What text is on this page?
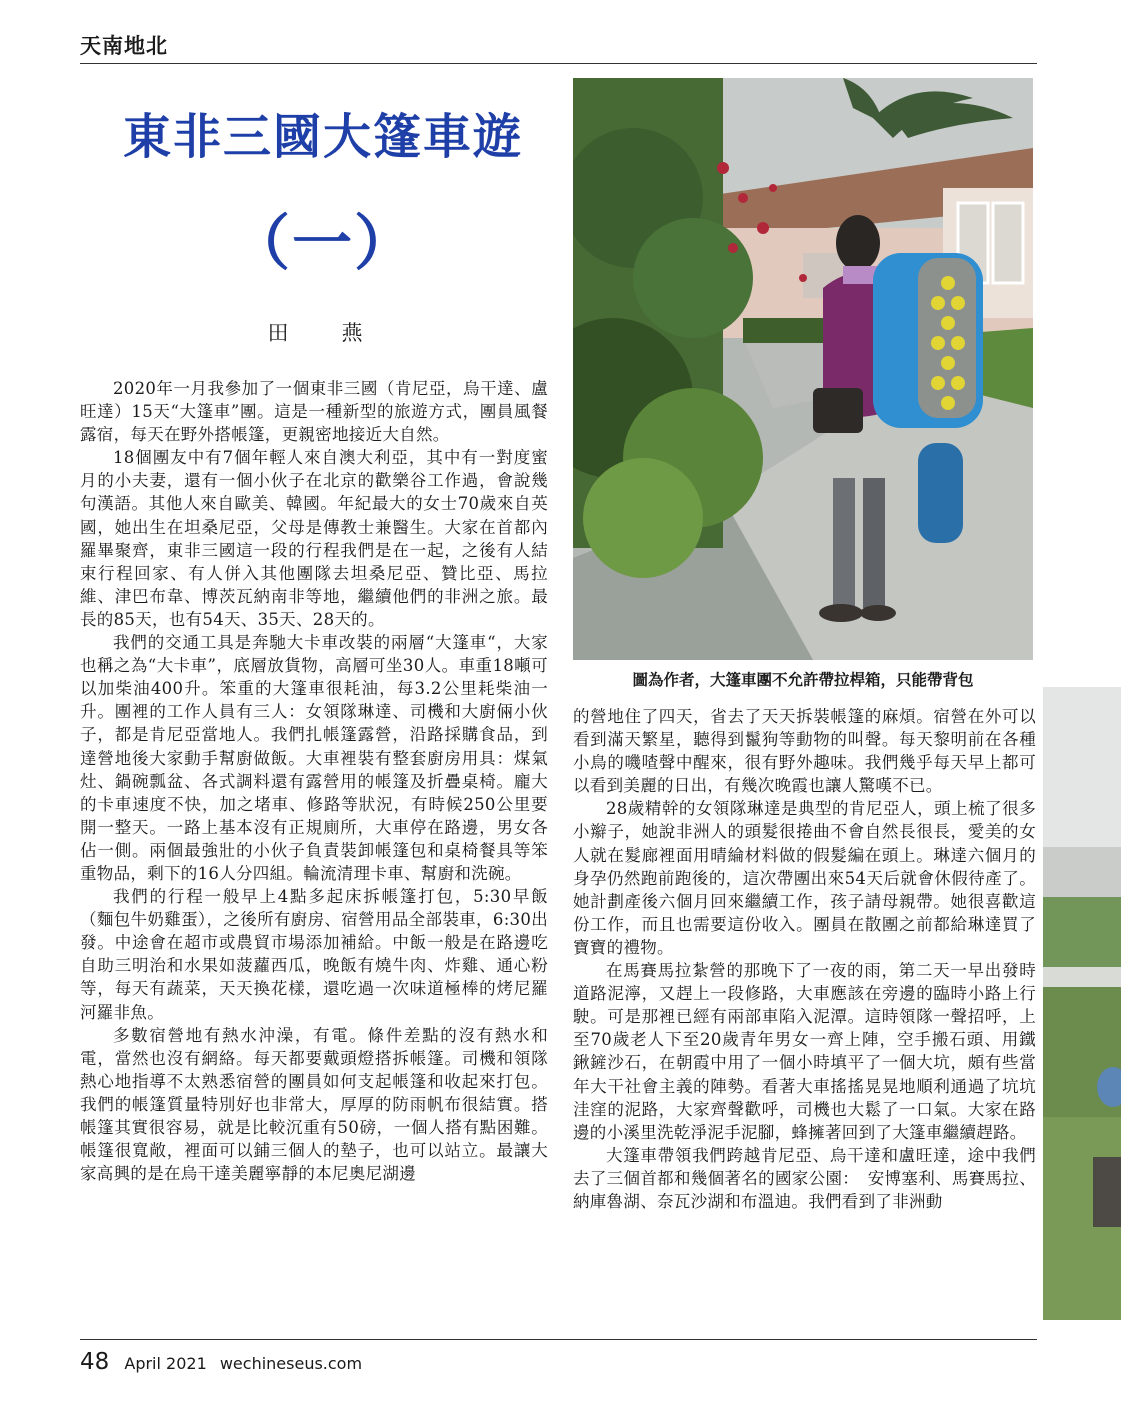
天南地北
東非三國大篷車遊
（一）
田　燕

2020年一月我參加了一個東非三國（肯尼亞，烏干達、盧旺達）15天“大篷車”團。這是一種新型的旅遊方式，團員風餐露宿，每天在野外搭帳篷，更親密地接近大自然。

18個團友中有7個年輕人來自澳大利亞，其中有一對度蜜月的小夫妻，還有一個小伙子在北京的歡樂谷工作過，會說幾句漢語。其他人來自歐美、韓國。年紀最大的女士70歲來自英國，她出生在坦桑尼亞，父母是傳教士兼醫生。大家在首都內羅畢聚齊，東非三國這一段的行程我們是在一起，之後有人結束行程回家、有人併入其他團隊去坦桑尼亞、贊比亞、馬拉維、津巴布韋、博茨瓦納南非等地，繼續他們的非洲之旅。最長的85天，也有54天、35天、28天的。

我們的交通工具是奔馳大卡車改裝的兩層“大篷車“，大家也稱之為“大卡車”，底層放貨物，高層可坐30人。車重18噸可以加柴油400升。笨重的大篷車很耗油，每3.2公里耗柴油一升。團裡的工作人員有三人：女領隊琳達、司機和大廚倆小伙子，都是肯尼亞當地人。我們扎帳篷露營，沿路採購食品，到達營地後大家動手幫廚做飯。大車裡裝有整套廚房用具：煤氣灶、鍋碗瓢盆、各式調料還有露營用的帳篷及折疊桌椅。龐大的卡車速度不快，加之堵車、修路等狀況，有時候250公里要開一整天。一路上基本沒有正規廁所，大車停在路邊，男女各佔一側。兩個最強壯的小伙子負責裝卸帳篷包和桌椅餐具等笨重物品，剩下的16人分四組。輪流清理卡車、幫廚和洗碗。

我們的行程一般早上4點多起床拆帳篷打包，5:30早飯（麵包牛奶雞蛋），之後所有廚房、宿營用品全部裝車，6:30出發。中途會在超市或農貿市場添加補給。中飯一般是在路邊吃自助三明治和水果如菠蘿西瓜，晚飯有燒牛肉、炸雞、通心粉等，每天有蔬菜，天天換花樣，還吃過一次味道極棒的烤尼羅河羅非魚。

多數宿營地有熱水沖澡，有電。條件差點的沒有熱水和電，當然也沒有網絡。每天都要戴頭燈搭拆帳篷。司機和領隊熱心地指導不太熟悉宿營的團員如何支起帳篷和收起來打包。我們的帳篷質量特別好也非常大，厚厚的防雨帆布很結實。搭帳篷其實很容易，就是比較沉重有50磅，一個人搭有點困難。帳篷很寬敞，裡面可以鋪三個人的墊子，也可以站立。最讓大家高興的是在烏干達美麗寧靜的本尼奧尼湖邊

圖為作者，大篷車團不允許帶拉桿箱，只能帶背包

的營地住了四天，省去了天天拆裝帳篷的麻煩。宿營在外可以看到滿天繁星，聽得到鬣狗等動物的叫聲。每天黎明前在各種小鳥的嘰喳聲中醒來，很有野外趣味。我們幾乎每天早上都可以看到美麗的日出，有幾次晚霞也讓人驚嘆不已。

28歲精幹的女領隊琳達是典型的肯尼亞人，頭上梳了很多小辮子，她說非洲人的頭髮很捲曲不會自然長很長，愛美的女人就在髮廊裡面用晴綸材料做的假髮編在頭上。琳達六個月的身孕仍然跑前跑後的，這次帶團出來54天后就會休假待產了。她計劃產後六個月回來繼續工作，孩子請母親帶。她很喜歡這份工作，而且也需要這份收入。團員在散團之前都給琳達買了寶寶的禮物。

在馬賽馬拉紮營的那晚下了一夜的雨，第二天一早出發時道路泥濘，又趕上一段修路，大車應該在旁邊的臨時小路上行駛。可是那裡已經有兩部車陷入泥潭。這時領隊一聲招呼，上至70歲老人下至20歲青年男女一齊上陣，空手搬石頭、用鐵鍬鏟沙石，在朝霞中用了一個小時填平了一個大坑，頗有些當年大干社會主義的陣勢。看著大車搖搖晃晃地順利通過了坑坑洼窪的泥路，大家齊聲歡呼，司機也大鬆了一口氣。大家在路邊的小溪里洗乾淨泥手泥腳，蜂擁著回到了大篷車繼續趕路。

大篷車帶領我們跨越肯尼亞、烏干達和盧旺達，途中我們去了三個首都和幾個著名的國家公園：　安博塞利、馬賽馬拉、納庫魯湖、奈瓦沙湖和布溫迪。我們看到了非洲動

48 April 2021 wechineseus.com
